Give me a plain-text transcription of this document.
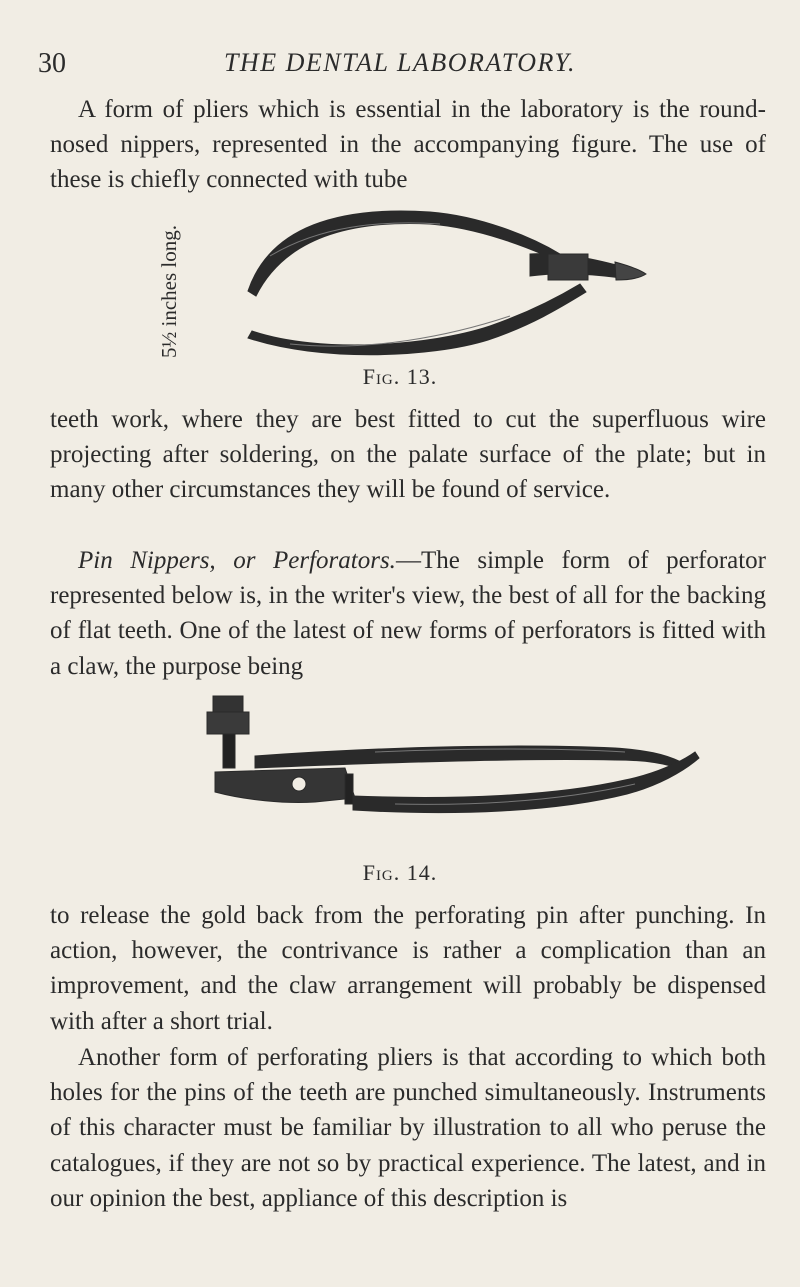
30	THE DENTAL LABORATORY.

A form of pliers which is essential in the laboratory is the round-nosed nippers, represented in the accompanying figure. The use of these is chiefly connected with tube

5½ inches long.
Fig. 13.

teeth work, where they are best fitted to cut the superfluous wire projecting after soldering, on the palate surface of the plate; but in many other circumstances they will be found of service.

Pin Nippers, or Perforators.—The simple form of perforator represented below is, in the writer's view, the best of all for the backing of flat teeth. One of the latest of new forms of perforators is fitted with a claw, the purpose being

Fig. 14.

to release the gold back from the perforating pin after punching. In action, however, the contrivance is rather a complication than an improvement, and the claw arrangement will probably be dispensed with after a short trial.

Another form of perforating pliers is that according to which both holes for the pins of the teeth are punched simultaneously. Instruments of this character must be familiar by illustration to all who peruse the catalogues, if they are not so by practical experience. The latest, and in our opinion the best, appliance of this description is
